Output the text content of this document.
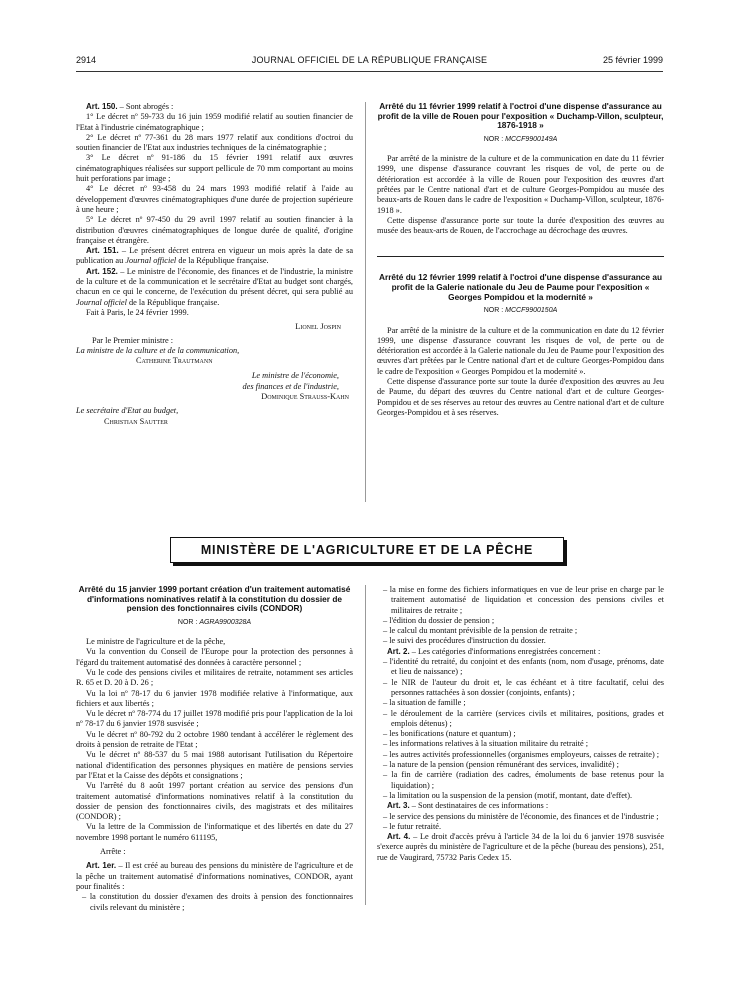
2914	JOURNAL OFFICIEL DE LA RÉPUBLIQUE FRANÇAISE	25 février 1999

Art. 150. – Sont abrogés :

1° Le décret nº 59-733 du 16 juin 1959 modifié relatif au soutien financier de l'Etat à l'industrie cinématographique ;

2° Le décret nº 77-361 du 28 mars 1977 relatif aux conditions d'octroi du soutien financier de l'Etat aux industries techniques de la cinématographie ;

3° Le décret nº 91-186 du 15 février 1991 relatif aux œuvres cinématographiques réalisées sur support pellicule de 70 mm comportant au moins huit perforations par image ;

4° Le décret nº 93-458 du 24 mars 1993 modifié relatif à l'aide au développement d'œuvres cinématographiques d'une durée de projection supérieure à une heure ;

5° Le décret nº 97-450 du 29 avril 1997 relatif au soutien financier à la distribution d'œuvres cinématographiques de longue durée de qualité, d'origine française et étrangère.

Art. 151. – Le présent décret entrera en vigueur un mois après la date de sa publication au Journal officiel de la République française.

Art. 152. – Le ministre de l'économie, des finances et de l'industrie, la ministre de la culture et de la communication et le secrétaire d'Etat au budget sont chargés, chacun en ce qui le concerne, de l'exécution du présent décret, qui sera publié au Journal officiel de la République française.

Fait à Paris, le 24 février 1999.

Lionel Jospin
Par le Premier ministre :
La ministre de la culture et de la communication,
Catherine Trautmann
Le ministre de l'économie,
des finances et de l'industrie,
Dominique Strauss-Kahn
Le secrétaire d'Etat au budget,
Christian Sautter
Arrêté du 11 février 1999 relatif à l'octroi d'une dispense d'assurance au profit de la ville de Rouen pour l'exposition « Duchamp-Villon, sculpteur, 1876-1918 »
NOR : MCCF9900149A

Par arrêté de la ministre de la culture et de la communication en date du 11 février 1999, une dispense d'assurance couvrant les risques de vol, de perte ou de détérioration est accordée à la ville de Rouen pour l'exposition des œuvres d'art prêtées par le Centre national d'art et de culture Georges-Pompidou au musée des beaux-arts de Rouen dans le cadre de l'exposition « Duchamp-Villon, sculpteur, 1876-1918 ».

Cette dispense d'assurance porte sur toute la durée d'exposition des œuvres au musée des beaux-arts de Rouen, de l'accrochage au décrochage des œuvres.

Arrêté du 12 février 1999 relatif à l'octroi d'une dispense d'assurance au profit de la Galerie nationale du Jeu de Paume pour l'exposition « Georges Pompidou et la modernité »
NOR : MCCF9900150A

Par arrêté de la ministre de la culture et de la communication en date du 12 février 1999, une dispense d'assurance couvrant les risques de vol, de perte ou de détérioration est accordée à la Galerie nationale du Jeu de Paume pour l'exposition des œuvres d'art prêtées par le Centre national d'art et de culture Georges-Pompidou dans le cadre de l'exposition « Georges Pompidou et la modernité ».

Cette dispense d'assurance porte sur toute la durée d'exposition des œuvres au Jeu de Paume, du départ des œuvres du Centre national d'art et de culture Georges-Pompidou et de ses réserves au retour des œuvres au Centre national d'art et de culture Georges-Pompidou et à ses réserves.

MINISTÈRE DE L'AGRICULTURE ET DE LA PÊCHE
Arrêté du 15 janvier 1999 portant création d'un traitement automatisé d'informations nominatives relatif à la constitution du dossier de pension des fonctionnaires civils (CONDOR)
NOR : AGRA9900328A

Le ministre de l'agriculture et de la pêche,

Vu la convention du Conseil de l'Europe pour la protection des personnes à l'égard du traitement automatisé des données à caractère personnel ;

Vu le code des pensions civiles et militaires de retraite, notamment ses articles R. 65 et D. 20 à D. 26 ;

Vu la loi nº 78-17 du 6 janvier 1978 modifiée relative à l'informatique, aux fichiers et aux libertés ;

Vu le décret nº 78-774 du 17 juillet 1978 modifié pris pour l'application de la loi nº 78-17 du 6 janvier 1978 susvisée ;

Vu le décret nº 80-792 du 2 octobre 1980 tendant à accélérer le règlement des droits à pension de retraite de l'Etat ;

Vu le décret nº 88-537 du 5 mai 1988 autorisant l'utilisation du Répertoire national d'identification des personnes physiques en matière de pensions servies par l'Etat et la Caisse des dépôts et consignations ;

Vu l'arrêté du 8 août 1997 portant création au service des pensions d'un traitement automatisé d'informations nominatives relatif à la constitution du dossier de pension des fonctionnaires civils, des magistrats et des militaires (CONDOR) ;

Vu la lettre de la Commission de l'informatique et des libertés en date du 27 novembre 1998 portant le numéro 611195,

Arrête :

Art. 1er. – Il est créé au bureau des pensions du ministère de l'agriculture et de la pêche un traitement automatisé d'informations nominatives, CONDOR, ayant pour finalités :

– la constitution du dossier d'examen des droits à pension des fonctionnaires civils relevant du ministère ;

– la mise en forme des fichiers informatiques en vue de leur prise en charge par le traitement automatisé de liquidation et concession des pensions civiles et militaires de retraite ;

– l'édition du dossier de pension ;

– le calcul du montant prévisible de la pension de retraite ;

– le suivi des procédures d'instruction du dossier.

Art. 2. – Les catégories d'informations enregistrées concernent :

– l'identité du retraité, du conjoint et des enfants (nom, nom d'usage, prénoms, date et lieu de naissance) ;

– le NIR de l'auteur du droit et, le cas échéant et à titre facultatif, celui des personnes rattachées à son dossier (conjoints, enfants) ;

– la situation de famille ;

– le déroulement de la carrière (services civils et militaires, positions, grades et emplois détenus) ;

– les bonifications (nature et quantum) ;

– les informations relatives à la situation militaire du retraité ;

– les autres activités professionnelles (organismes employeurs, caisses de retraite) ;

– la nature de la pension (pension rémunérant des services, invalidité) ;

– la fin de carrière (radiation des cadres, émoluments de base retenus pour la liquidation) ;

– la limitation ou la suspension de la pension (motif, montant, date d'effet).

Art. 3. – Sont destinataires de ces informations :

– le service des pensions du ministère de l'économie, des finances et de l'industrie ;

– le futur retraité.

Art. 4. – Le droit d'accès prévu à l'article 34 de la loi du 6 janvier 1978 susvisée s'exerce auprès du ministère de l'agriculture et de la pêche (bureau des pensions), 251, rue de Vaugirard, 75732 Paris Cedex 15.
